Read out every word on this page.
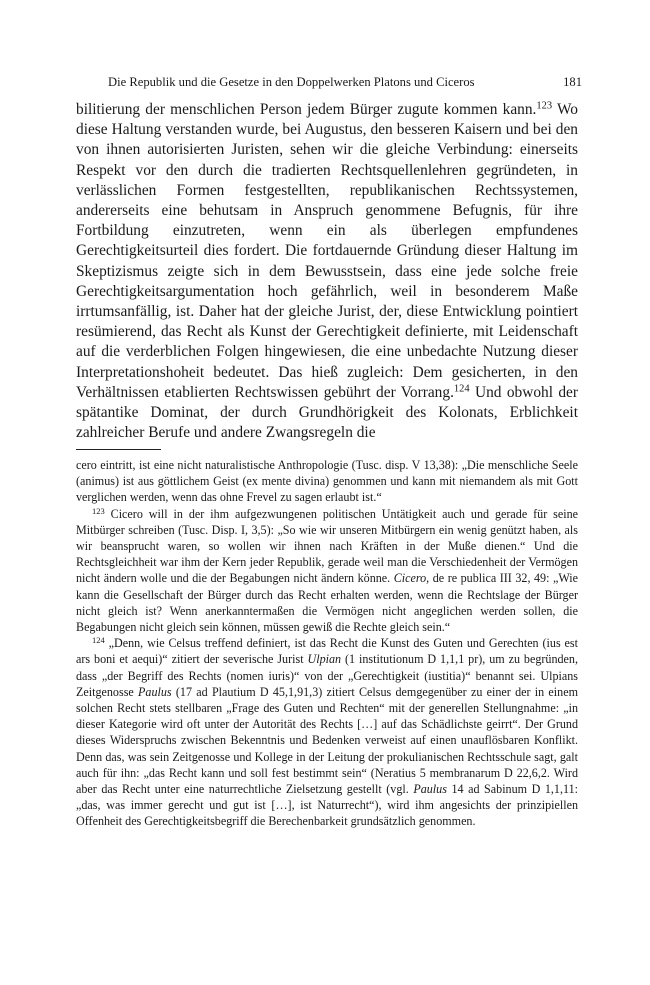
Die Republik und die Gesetze in den Doppelwerken Platons und Ciceros	181

bilitierung der menschlichen Person jedem Bürger zugute kommen kann.$^{123}$ Wo diese Haltung verstanden wurde, bei Augustus, den besseren Kaisern und bei den von ihnen autorisierten Juristen, sehen wir die gleiche Verbindung: einerseits Respekt vor den durch die tradierten Rechtsquellenlehren gegründeten, in verlässlichen Formen festgestellten, republikanischen Rechtssystemen, andererseits eine behutsam in Anspruch genommene Befugnis, für ihre Fortbildung einzutreten, wenn ein als überlegen empfundenes Gerechtigkeitsurteil dies fordert. Die fortdauernde Gründung dieser Haltung im Skeptizismus zeigte sich in dem Bewusstsein, dass eine jede solche freie Gerechtigkeitsargumentation hoch gefährlich, weil in besonderem Maße irrtumsanfällig, ist. Daher hat der gleiche Jurist, der, diese Entwicklung pointiert resümierend, das Recht als Kunst der Gerechtigkeit definierte, mit Leidenschaft auf die verderblichen Folgen hingewiesen, die eine unbedachte Nutzung dieser Interpretationshoheit bedeutet. Das hieß zugleich: Dem gesicherten, in den Verhältnissen etablierten Rechtswissen gebührt der Vorrang.$^{124}$ Und obwohl der spätantike Dominat, der durch Grundhörigkeit des Kolonats, Erblichkeit zahlreicher Berufe und andere Zwangsregeln die

cero eintritt, ist eine nicht naturalistische Anthropologie (Tusc. disp. V 13,38): „Die menschliche Seele (animus) ist aus göttlichem Geist (ex mente divina) genommen und kann mit niemandem als mit Gott verglichen werden, wenn das ohne Frevel zu sagen erlaubt ist.“

$^{123}$ Cicero will in der ihm aufgezwungenen politischen Untätigkeit auch und gerade für seine Mitbürger schreiben (Tusc. Disp. I, 3,5): „So wie wir unseren Mitbürgern ein wenig genützt haben, als wir beansprucht waren, so wollen wir ihnen nach Kräften in der Muße dienen.“ Und die Rechtsgleichheit war ihm der Kern jeder Republik, gerade weil man die Verschiedenheit der Vermögen nicht ändern wolle und die der Begabungen nicht ändern könne. Cicero, de re publica III 32, 49: „Wie kann die Gesellschaft der Bürger durch das Recht erhalten werden, wenn die Rechtslage der Bürger nicht gleich ist? Wenn anerkanntermaßen die Vermögen nicht angeglichen werden sollen, die Begabungen nicht gleich sein können, müssen gewiß die Rechte gleich sein.“

$^{124}$ „Denn, wie Celsus treffend definiert, ist das Recht die Kunst des Guten und Gerechten (ius est ars boni et aequi)“ zitiert der severische Jurist Ulpian (1 institutionum D 1,1,1 pr), um zu begründen, dass „der Begriff des Rechts (nomen iuris)“ von der „Gerechtigkeit (iustitia)“ benannt sei. Ulpians Zeitgenosse Paulus (17 ad Plautium D 45,1,91,3) zitiert Celsus demgegenüber zu einer der in einem solchen Recht stets stellbaren „Frage des Guten und Rechten“ mit der generellen Stellungnahme: „in dieser Kategorie wird oft unter der Autorität des Rechts […] auf das Schädlichste geirrt“. Der Grund dieses Widerspruchs zwischen Bekenntnis und Bedenken verweist auf einen unauflösbaren Konflikt. Denn das, was sein Zeitgenosse und Kollege in der Leitung der prokulianischen Rechtsschule sagt, galt auch für ihn: „das Recht kann und soll fest bestimmt sein“ (Neratius 5 membranarum D 22,6,2. Wird aber das Recht unter eine naturrechtliche Zielsetzung gestellt (vgl. Paulus 14 ad Sabinum D 1,1,11: „das, was immer gerecht und gut ist […], ist Naturrecht“), wird ihm angesichts der prinzipiellen Offenheit des Gerechtigkeitsbegriff die Berechenbarkeit grundsätzlich genommen.
